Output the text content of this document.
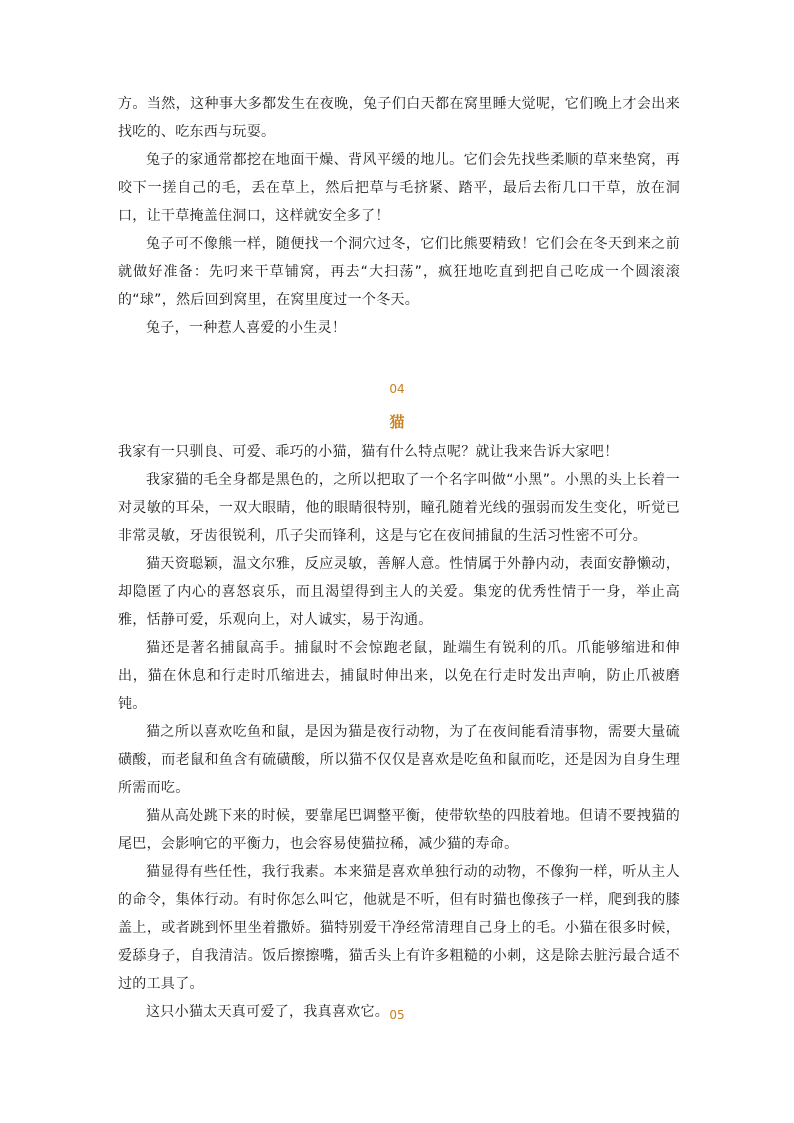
方。当然，这种事大多都发生在夜晚，兔子们白天都在窝里睡大觉呢，它们晚上才会出来找吃的、吃东西与玩耍。

兔子的家通常都挖在地面干燥、背风平缓的地儿。它们会先找些柔顺的草来垫窝，再咬下一搓自己的毛，丢在草上，然后把草与毛挤紧、踏平，最后去衔几口干草，放在洞口，让干草掩盖住洞口，这样就安全多了！

兔子可不像熊一样，随便找一个洞穴过冬，它们比熊要精致！它们会在冬天到来之前就做好准备：先叼来干草铺窝，再去“大扫荡”，疯狂地吃直到把自己吃成一个圆滚滚的“球”，然后回到窝里，在窝里度过一个冬天。

兔子，一种惹人喜爱的小生灵！

04
猫

我家有一只驯良、可爱、乖巧的小猫，猫有什么特点呢？就让我来告诉大家吧！

我家猫的毛全身都是黑色的，之所以把取了一个名字叫做“小黑”。小黑的头上长着一对灵敏的耳朵，一双大眼睛，他的眼睛很特别，瞳孔随着光线的强弱而发生变化，听觉已非常灵敏，牙齿很锐利，爪子尖而锋利，这是与它在夜间捕鼠的生活习性密不可分。

猫天资聪颖，温文尔雅，反应灵敏，善解人意。性情属于外静内动，表面安静懒动，却隐匿了内心的喜怒哀乐，而且渴望得到主人的关爱。集宠的优秀性情于一身，举止高雅，恬静可爱，乐观向上，对人诚实，易于沟通。

猫还是著名捕鼠高手。捕鼠时不会惊跑老鼠，趾端生有锐利的爪。爪能够缩进和伸出，猫在休息和行走时爪缩进去，捕鼠时伸出来，以免在行走时发出声响，防止爪被磨钝。

猫之所以喜欢吃鱼和鼠，是因为猫是夜行动物，为了在夜间能看清事物，需要大量硫磺酸，而老鼠和鱼含有硫磺酸，所以猫不仅仅是喜欢是吃鱼和鼠而吃，还是因为自身生理所需而吃。

猫从高处跳下来的时候，要靠尾巴调整平衡，使带软垫的四肢着地。但请不要拽猫的尾巴，会影响它的平衡力，也会容易使猫拉稀，减少猫的寿命。

猫显得有些任性，我行我素。本来猫是喜欢单独行动的动物，不像狗一样，听从主人的命令，集体行动。有时你怎么叫它，他就是不听，但有时猫也像孩子一样，爬到我的膝盖上，或者跳到怀里坐着撒娇。猫特别爱干净经常清理自己身上的毛。小猫在很多时候，爱舔身子，自我清洁。饭后擦擦嘴，猫舌头上有许多粗糙的小刺，这是除去脏污最合适不过的工具了。

这只小猫太天真可爱了，我真喜欢它。 05
